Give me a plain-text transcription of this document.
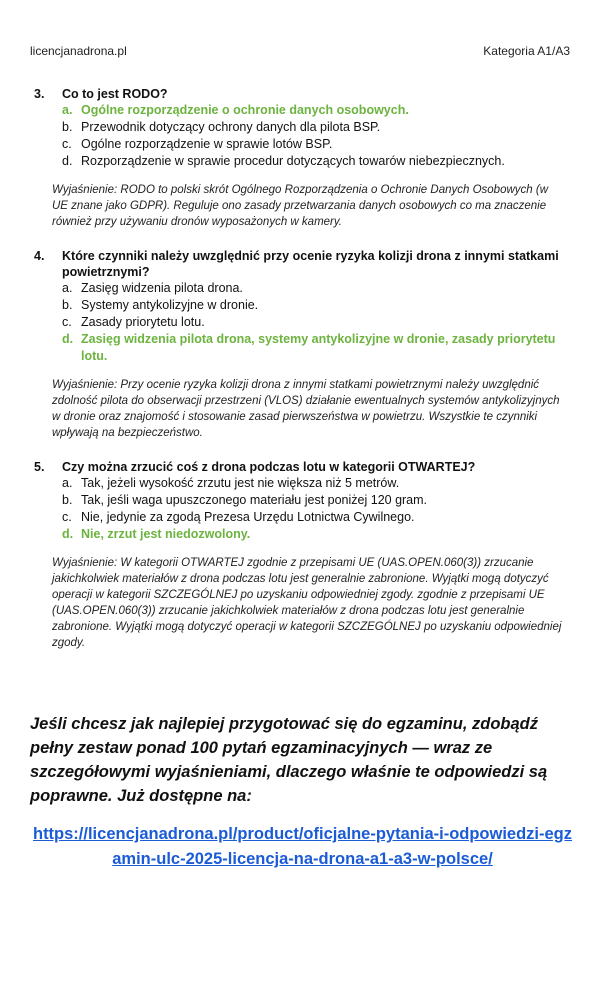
licencjanadrona.pl	Kategoria A1/A3
3.	Co to jest RODO?
a. Ogólne rozporządzenie o ochronie danych osobowych.
b. Przewodnik dotyczący ochrony danych dla pilota BSP.
c. Ogólne rozporządzenie w sprawie lotów BSP.
d. Rozporządzenie w sprawie procedur dotyczących towarów niebezpiecznych.
Wyjaśnienie: RODO to polski skrót Ogólnego Rozporządzenia o Ochronie Danych Osobowych (w UE znane jako GDPR). Reguluje ono zasady przetwarzania danych osobowych co ma znaczenie również przy używaniu dronów wyposażonych w kamery.
4.	Które czynniki należy uwzględnić przy ocenie ryzyka kolizji drona z innymi statkami powietrznymi?
a. Zasięg widzenia pilota drona.
b. Systemy antykolizyjne w dronie.
c. Zasady priorytetu lotu.
d. Zasięg widzenia pilota drona, systemy antykolizyjne w dronie, zasady priorytetu lotu.
Wyjaśnienie: Przy ocenie ryzyka kolizji drona z innymi statkami powietrznymi należy uwzględnić zdolność pilota do obserwacji przestrzeni (VLOS) działanie ewentualnych systemów antykolizyjnych w dronie oraz znajomość i stosowanie zasad pierwszeństwa w powietrzu. Wszystkie te czynniki wpływają na bezpieczeństwo.
5.	Czy można zrzucić coś z drona podczas lotu w kategorii OTWARTEJ?
a. Tak, jeżeli wysokość zrzutu jest nie większa niż 5 metrów.
b. Tak, jeśli waga upuszczonego materiału jest poniżej 120 gram.
c. Nie, jedynie za zgodą Prezesa Urzędu Lotnictwa Cywilnego.
d. Nie, zrzut jest niedozwolony.
Wyjaśnienie: W kategorii OTWARTEJ zgodnie z przepisami UE (UAS.OPEN.060(3)) zrzucanie jakichkolwiek materiałów z drona podczas lotu jest generalnie zabronione. Wyjątki mogą dotyczyć operacji w kategorii SZCZEGÓLNEJ po uzyskaniu odpowiedniej zgody. zgodnie z przepisami UE (UAS.OPEN.060(3)) zrzucanie jakichkolwiek materiałów z drona podczas lotu jest generalnie zabronione. Wyjątki mogą dotyczyć operacji w kategorii SZCZEGÓLNEJ po uzyskaniu odpowiedniej zgody.
Jeśli chcesz jak najlepiej przygotować się do egzaminu, zdobądź pełny zestaw ponad 100 pytań egzaminacyjnych — wraz ze szczegółowymi wyjaśnieniami, dlaczego właśnie te odpowiedzi są poprawne. Już dostępne na:
https://licencjanadrona.pl/product/oficjalne-pytania-i-odpowiedzi-egzamin-ulc-2025-licencja-na-drona-a1-a3-w-polsce/
